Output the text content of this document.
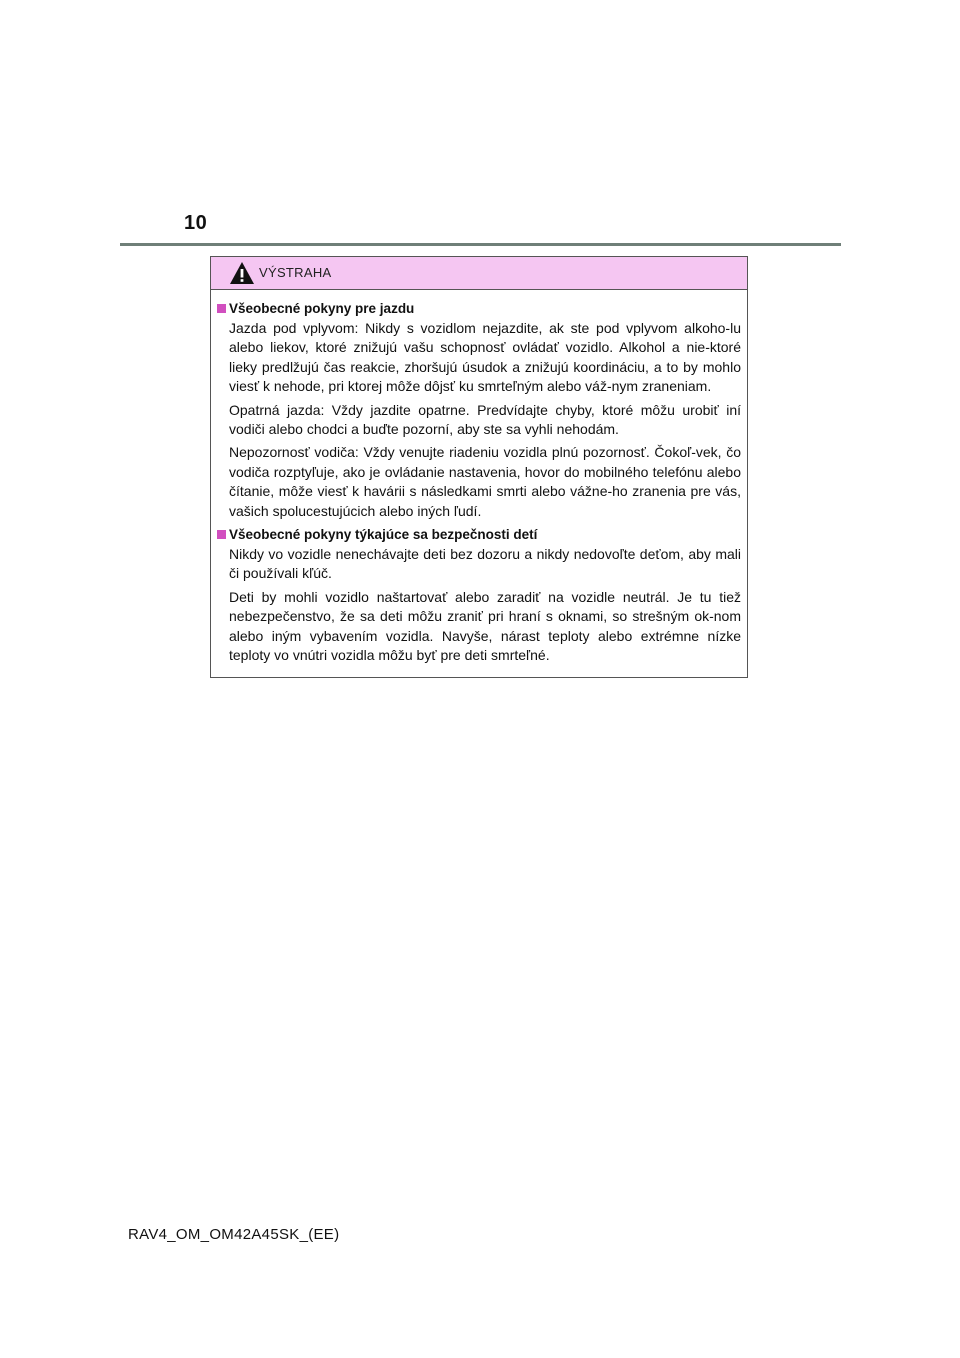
10
VÝSTRAHA
Všeobecné pokyny pre jazdu

Jazda pod vplyvom: Nikdy s vozidlom nejazdite, ak ste pod vplyvom alkoho-lu alebo liekov, ktoré znižujú vašu schopnosť ovládať vozidlo. Alkohol a nie-ktoré lieky predlžujú čas reakcie, zhoršujú úsudok a znižujú koordináciu, a to by mohlo viesť k nehode, pri ktorej môže dôjsť ku smrteľným alebo váž-nym zraneniam.

Opatrná jazda: Vždy jazdite opatrne. Predvídajte chyby, ktoré môžu urobiť iní vodiči alebo chodci a buďte pozorní, aby ste sa vyhli nehodám.

Nepozornosť vodiča: Vždy venujte riadeniu vozidla plnú pozornosť. Čokoľ-vek, čo vodiča rozptyľuje, ako je ovládanie nastavenia, hovor do mobilného telefónu alebo čítanie, môže viesť k havárii s následkami smrti alebo vážne-ho zranenia pre vás, vašich spolucestujúcich alebo iných ľudí.

Všeobecné pokyny týkajúce sa bezpečnosti detí

Nikdy vo vozidle nenechávajte deti bez dozoru a nikdy nedovoľte deťom, aby mali či používali kľúč.

Deti by mohli vozidlo naštartovať alebo zaradiť na vozidle neutrál. Je tu tiež nebezpečenstvo, že sa deti môžu zraniť pri hraní s oknami, so strešným ok-nom alebo iným vybavením vozidla. Navyše, nárast teploty alebo extrémne nízke teploty vo vnútri vozidla môžu byť pre deti smrteľné.

RAV4_OM_OM42A45SK_(EE)
